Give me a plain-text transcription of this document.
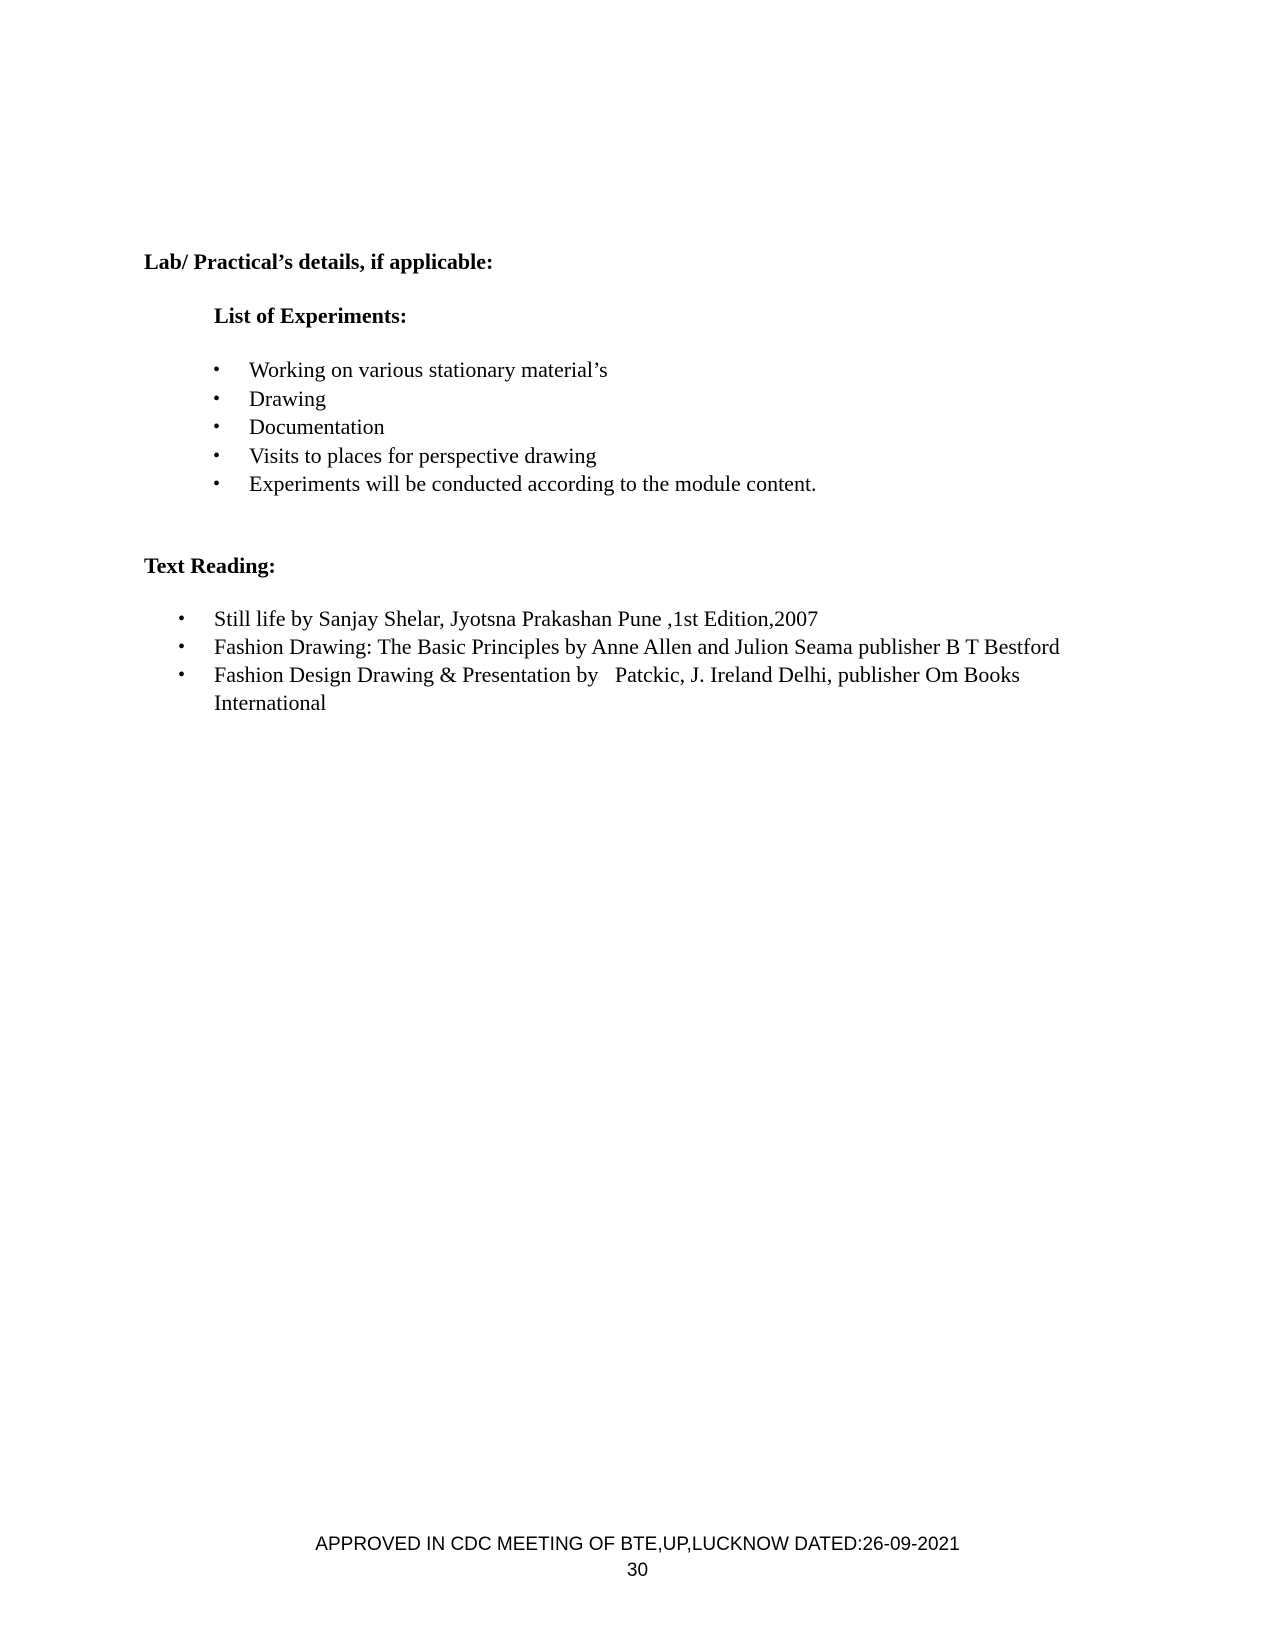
Lab/ Practical’s details, if applicable:

List of Experiments:

• Working on various stationary material’s
• Drawing
• Documentation
• Visits to places for perspective drawing
• Experiments will be conducted according to the module content.

Text Reading:

• Still life by Sanjay Shelar, Jyotsna Prakashan Pune ,1st Edition,2007
• Fashion Drawing: The Basic Principles by Anne Allen and Julion Seama publisher B T Bestford
• Fashion Design Drawing & Presentation by   Patckic, J. Ireland Delhi, publisher Om Books International
APPROVED IN CDC MEETING OF BTE,UP,LUCKNOW DATED:26-09-2021
30
